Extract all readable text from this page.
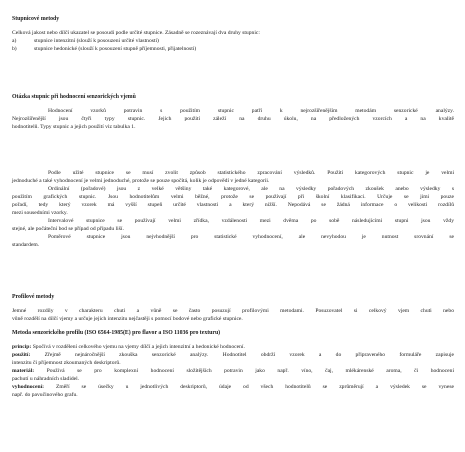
Stupnicové metody

Celková jakost nebo dílčí ukazatel se posoudí podle určité stupnice. Zásadně se rozeznávají dva druhy stupnic:

a)	stupnice intenzitní (slouží k posouzení určité vlastnosti)

b)	stupnice hedonické (slouží k posouzení stupně příjemnosti, přijatelnosti)

Otázka stupnic při hodnocení senzorických vjemů

Hodnocení vzorků potravin s použitím stupnic patří k nejrozšířenějším metodám senzorické analýzy.

Nejrozšířenější jsou čtyři typy stupnic. Jejich použití záleží na druhu úkolu, na předložených vzorcích a na kvalitě

hodnotitelů. Typy stupnic a jejich použití viz tabulka 1.

Podle užité stupnice se musí zvolit způsob statistického zpracování výsledků. Použití kategorových stupnic je velmi

jednoduché a také vyhodnocení je velmi jednoduché, protože se pouze spočítá, kolik je odpovědí v jedné kategorii.

Ordinální (pořadové) jsou z velké většiny také kategorové, ale na výsledky pořadových zkoušek anebo výsledky s

použitím grafických stupnic. Jsou hodnotitelům velmi běžné, protože se používají při školní klasifikaci. Určuje se jimi pouze

pořadí, tedy který vzorek má vyšší stupeň určité vlastnosti a který nižší. Nepodává se žádná informace o velikosti rozdílů

mezi sousedními vzorky.

Intervalové stupnice se používají velmi zřídka, vzdálenosti mezi dvěma po sobě následujícími stupni jsou vždy

stejné, ale počáteční bod se případ od případu liší.

Poměrové stupnice jsou nejvhodnější pro statistické vyhodnocení, ale nevyhodou je nutnost srovnání se

standardem.

Profilové metody

Jemné rozdíly v charakteru chuti a vůně se často posuzují profilovými metodami. Posuzovatel si celkový vjem chuti nebo

vůně rozdělí na dílčí vjemy a určuje jejich intenzitu nejčastěji s pomocí bodové nebo grafické stupnice.

Metoda senzorického profilu (ISO 6564-1985(E) pro flavor a ISO 11036 pro texturu)

princip: Spočívá v rozdělení celkového vjemu na vjemy dílčí a jejich intenzitní a hedonické hodnocení.

použití:	Zřejmě nejnáročnější zkouška senzorické analýzy. Hodnotitel obdrží vzorek a do připraveného formuláře zapisuje

intenzitu či příjemnost zkoumaných deskriptorů.

materiál: Používá se pro komplexní hodnocení složitějších potravin jako např. víno, čaj, mlékárenské aroma, či hodnocení

pachutí u náhradních sladidel.

vyhodnocení: Změří se úsečky u jednotlivých deskriptorů, údaje od všech hodnotitelů se zprůměrují a výsledek se vynese

např. do pavučinového grafu.
